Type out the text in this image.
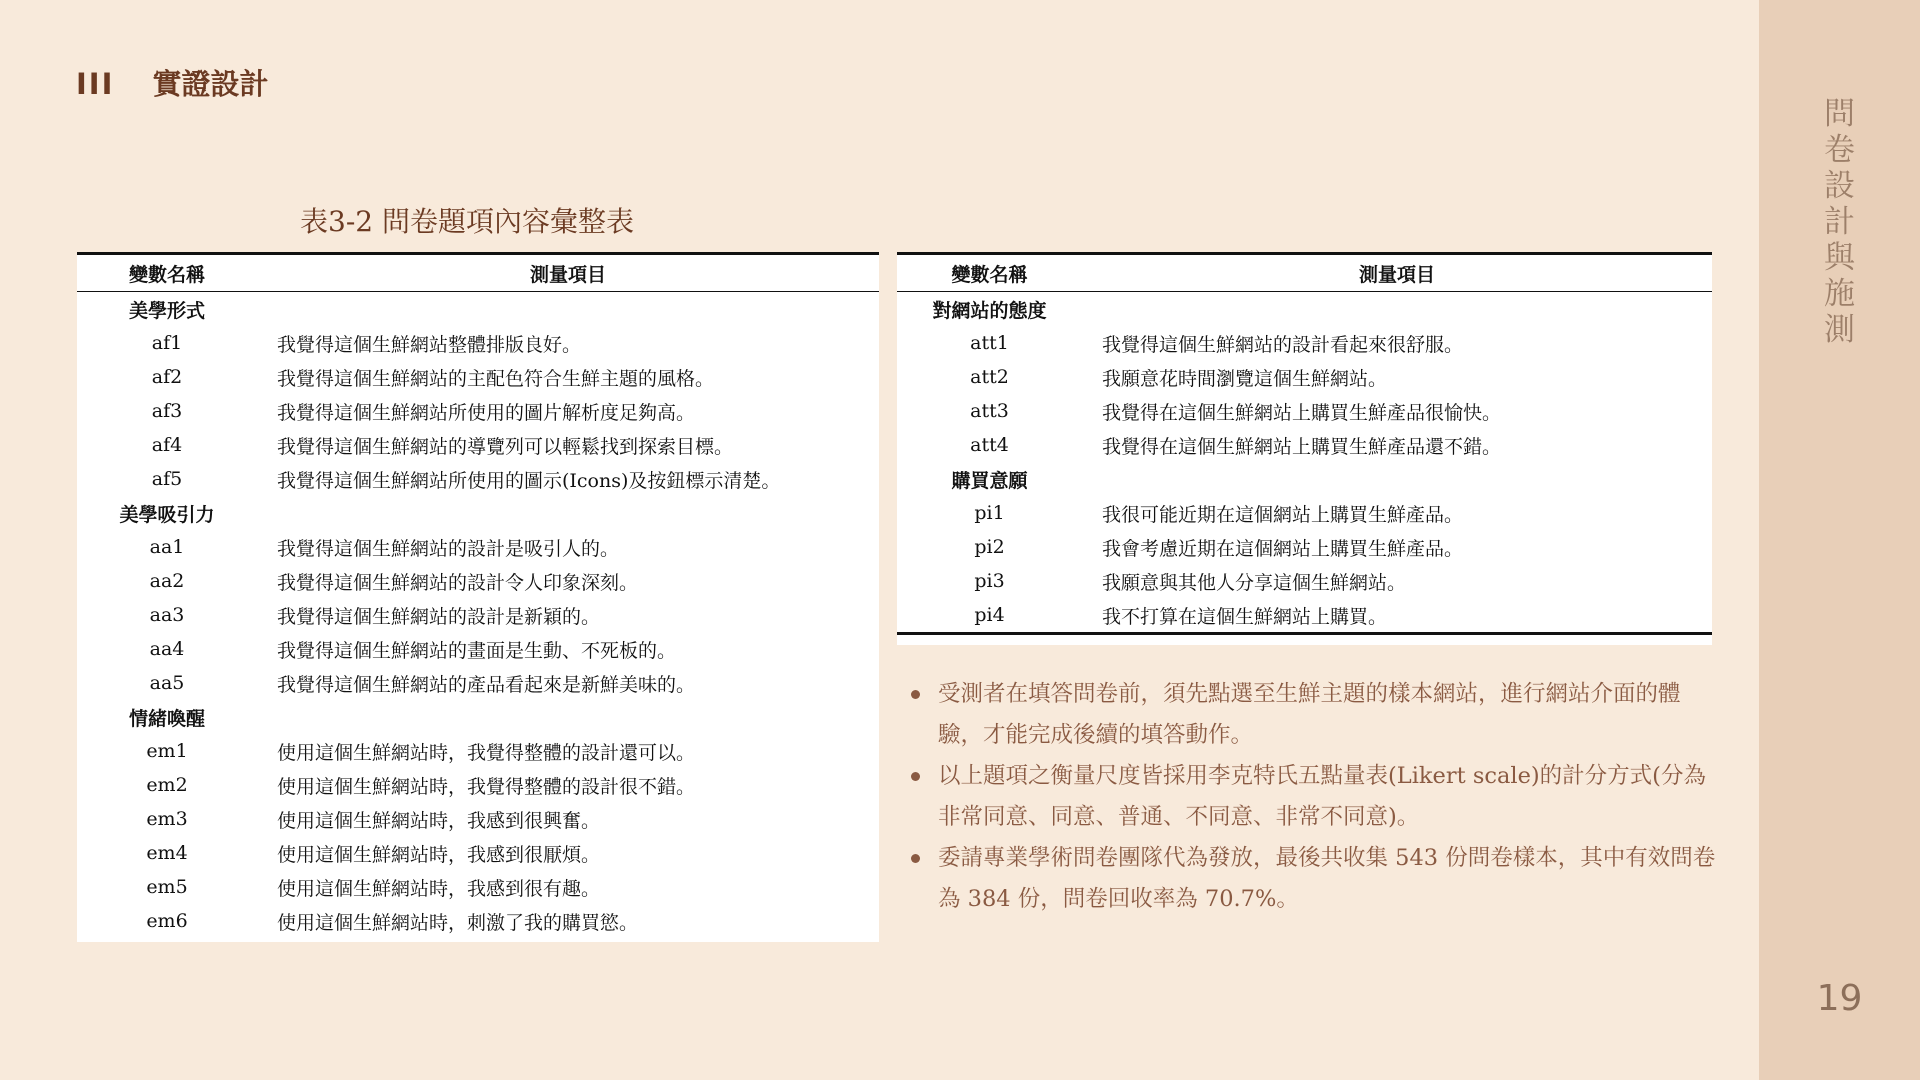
問
卷
設
計
與
施
測
19
III 實證設計
表3-2 問卷題項內容彙整表
變數名稱	測量項目
美學形式	
af1	我覺得這個生鮮網站整體排版良好。
af2	我覺得這個生鮮網站的主配色符合生鮮主題的風格。
af3	我覺得這個生鮮網站所使用的圖片解析度足夠高。
af4	我覺得這個生鮮網站的導覽列可以輕鬆找到探索目標。
af5	我覺得這個生鮮網站所使用的圖示(Icons)及按鈕標示清楚。
美學吸引力	
aa1	我覺得這個生鮮網站的設計是吸引人的。
aa2	我覺得這個生鮮網站的設計令人印象深刻。
aa3	我覺得這個生鮮網站的設計是新穎的。
aa4	我覺得這個生鮮網站的畫面是生動、不死板的。
aa5	我覺得這個生鮮網站的產品看起來是新鮮美味的。
情緒喚醒	
em1	使用這個生鮮網站時，我覺得整體的設計還可以。
em2	使用這個生鮮網站時，我覺得整體的設計很不錯。
em3	使用這個生鮮網站時，我感到很興奮。
em4	使用這個生鮮網站時，我感到很厭煩。
em5	使用這個生鮮網站時，我感到很有趣。
em6	使用這個生鮮網站時，刺激了我的購買慾。
變數名稱	測量項目
對網站的態度	
att1	我覺得這個生鮮網站的設計看起來很舒服。
att2	我願意花時間瀏覽這個生鮮網站。
att3	我覺得在這個生鮮網站上購買生鮮產品很愉快。
att4	我覺得在這個生鮮網站上購買生鮮產品還不錯。
購買意願	
pi1	我很可能近期在這個網站上購買生鮮產品。
pi2	我會考慮近期在這個網站上購買生鮮產品。
pi3	我願意與其他人分享這個生鮮網站。
pi4	我不打算在這個生鮮網站上購買。
受測者在填答問卷前，須先點選至生鮮主題的樣本網站，進行網站介面的體驗，才能完成後續的填答動作。
以上題項之衡量尺度皆採用李克特氏五點量表(Likert scale)的計分方式(分為非常同意、同意、普通、不同意、非常不同意)。
委請專業學術問卷團隊代為發放，最後共收集 543 份問卷樣本，其中有效問卷為 384 份，問卷回收率為 70.7%。
